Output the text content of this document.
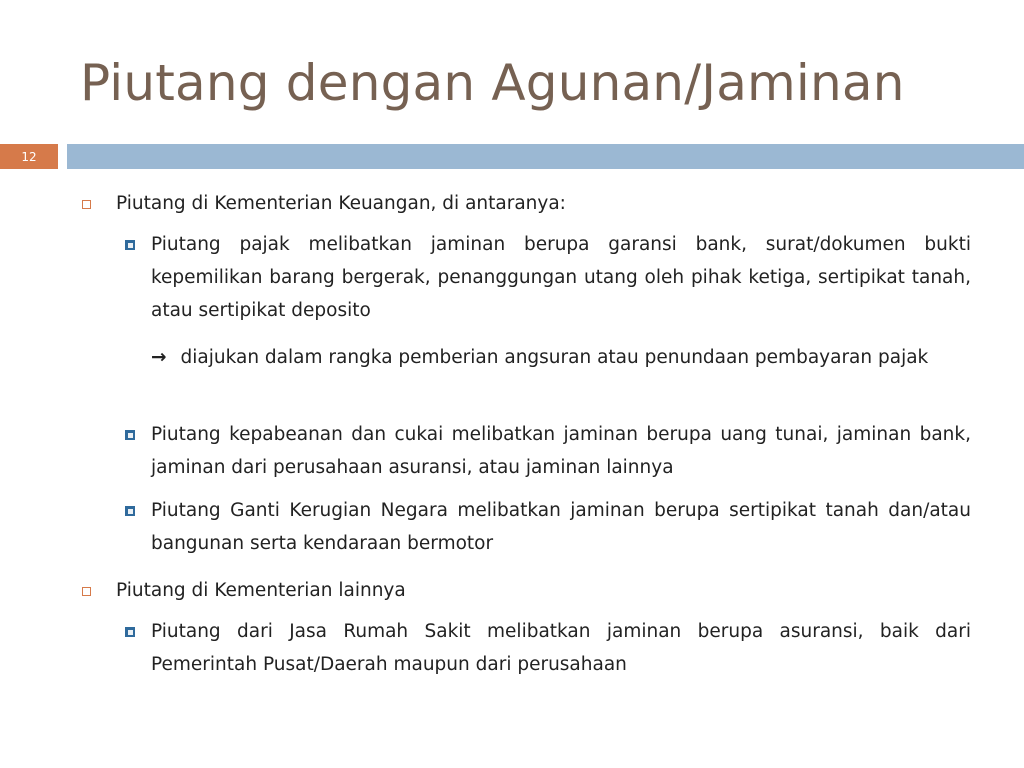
Piutang dengan Agunan/Jaminan
12
Piutang di Kementerian Keuangan, di antaranya:
Piutang pajak melibatkan jaminan berupa garansi bank, surat/dokumen bukti kepemilikan barang bergerak, penanggungan utang oleh pihak ketiga, sertipikat tanah, atau sertipikat deposito
→ diajukan dalam rangka pemberian angsuran atau penundaan pembayaran pajak
Piutang kepabeanan dan cukai melibatkan jaminan berupa uang tunai, jaminan bank, jaminan dari perusahaan asuransi, atau jaminan lainnya
Piutang Ganti Kerugian Negara melibatkan jaminan berupa sertipikat tanah dan/atau bangunan serta kendaraan bermotor
Piutang di Kementerian lainnya
Piutang dari Jasa Rumah Sakit melibatkan jaminan berupa asuransi, baik dari Pemerintah Pusat/Daerah maupun dari perusahaan
